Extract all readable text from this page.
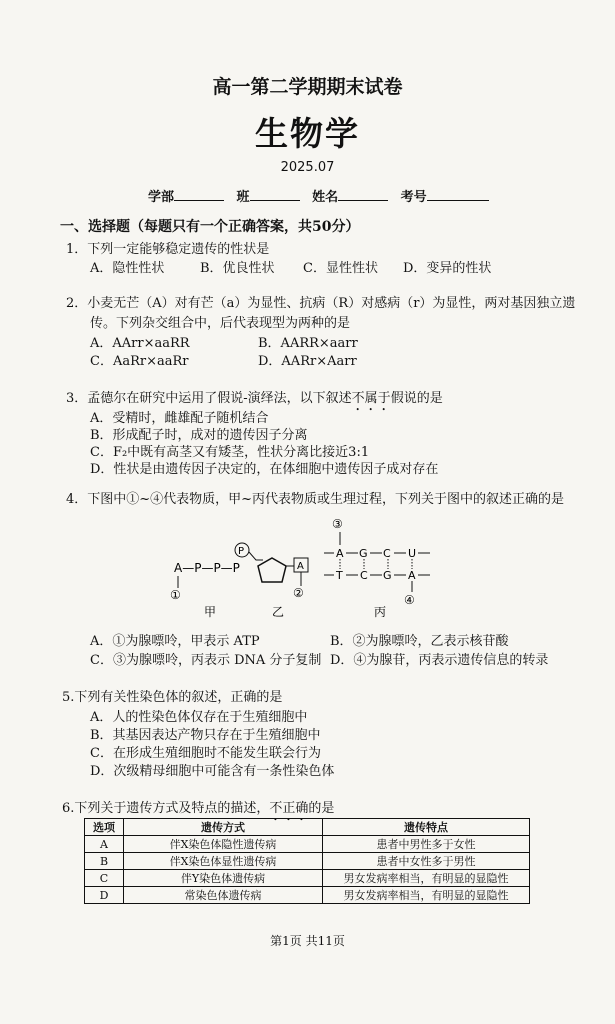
高一第二学期期末试卷
生物学
2025.07
学部	班	姓名	考号
一、选择题（每题只有一个正确答案，共50分）
1．下列一定能够稳定遗传的性状是
A．隐性性状	B．优良性状 C．显性性状 D．变异的性状
2．小麦无芒（A）对有芒（a）为显性、抗病（R）对感病（r）为显性，两对基因独立遗
传。下列杂交组合中，后代表现型为两种的是
A．AArr×aaRR	B．AARR×aarr
C．AaRr×aaRr	D．AARr×Aarr
3．孟德尔在研究中运用了假说-演绎法，以下叙述不属于假说的是
A．受精时，雌雄配子随机结合
B．形成配子时，成对的遗传因子分离
C．F₂中既有高茎又有矮茎，性状分离比接近3:1
D．性状是由遗传因子决定的，在体细胞中遗传因子成对存在
4．下图中①~④代表物质，甲~丙代表物质或生理过程，下列关于图中的叙述正确的是
A—P—P—P
①
甲
P
A
②
乙
③
A
T
G
C
C
G
U
A
④
丙
A．①为腺嘌呤，甲表示 ATP	B．②为腺嘌呤，乙表示核苷酸
C．③为腺嘌呤，丙表示 DNA 分子复制 D．④为腺苷，丙表示遗传信息的转录
5.下列有关性染色体的叙述，正确的是
A．人的性染色体仅存在于生殖细胞中
B．其基因表达产物只存在于生殖细胞中
C．在形成生殖细胞时不能发生联会行为
D．次级精母细胞中可能含有一条性染色体
6.下列关于遗传方式及特点的描述，不正确的是
选项	遗传方式	遗传特点
A	伴X染色体隐性遗传病	患者中男性多于女性
B	伴X染色体显性遗传病	患者中女性多于男性
C	伴Y染色体遗传病	男女发病率相当，有明显的显隐性
D	常染色体遗传病	男女发病率相当，有明显的显隐性
第1页 共11页
